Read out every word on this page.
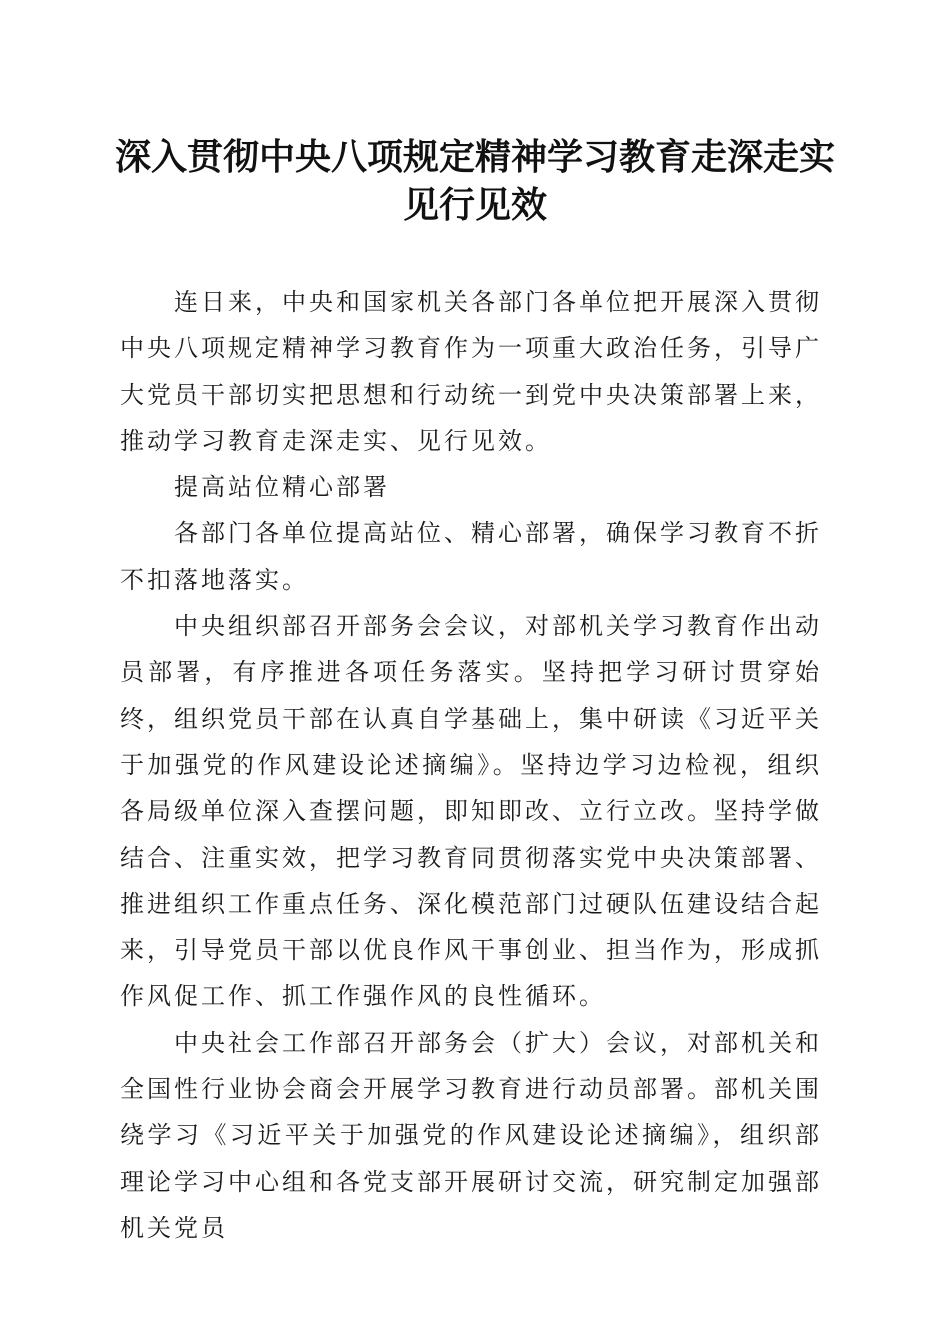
深入贯彻中央八项规定精神学习教育走深走实
见行见效

连日来，中央和国家机关各部门各单位把开展深入贯彻中央八项规定精神学习教育作为一项重大政治任务，引导广大党员干部切实把思想和行动统一到党中央决策部署上来，推动学习教育走深走实、见行见效。

提高站位精心部署

各部门各单位提高站位、精心部署，确保学习教育不折不扣落地落实。

中央组织部召开部务会会议，对部机关学习教育作出动员部署，有序推进各项任务落实。坚持把学习研讨贯穿始终，组织党员干部在认真自学基础上，集中研读《习近平关于加强党的作风建设论述摘编》。坚持边学习边检视，组织各局级单位深入查摆问题，即知即改、立行立改。坚持学做结合、注重实效，把学习教育同贯彻落实党中央决策部署、推进组织工作重点任务、深化模范部门过硬队伍建设结合起来，引导党员干部以优良作风干事创业、担当作为，形成抓作风促工作、抓工作强作风的良性循环。

中央社会工作部召开部务会（扩大）会议，对部机关和全国性行业协会商会开展学习教育进行动员部署。部机关围绕学习《习近平关于加强党的作风建设论述摘编》，组织部理论学习中心组和各党支部开展研讨交流，研究制定加强部机关党员
